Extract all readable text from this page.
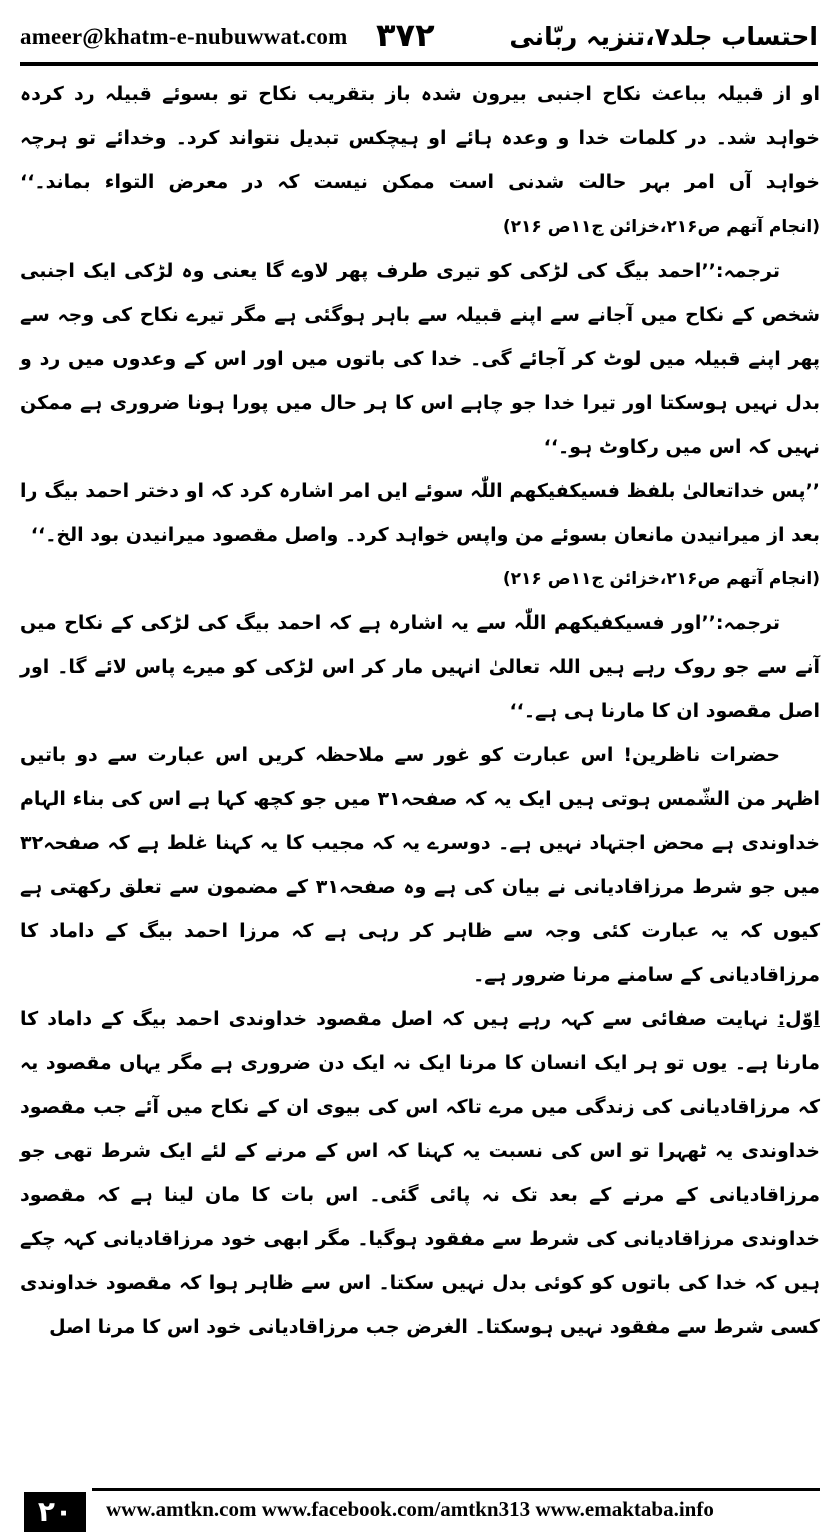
ameer@khatm-e-nubuwwat.com ۳۷۲	احتساب جلد۷،تنزیہ ربّانی

او از قبیلہ بباعث نکاح اجنبی بیرون شدہ باز بتقریب نکاح تو بسوئے قبیلہ رد کردہ خواہد شد۔ در کلمات خدا و وعدہ ہائے او ہیچکس تبدیل نتواند کرد۔ وخدائے تو ہرچہ خواہد آں امر بہر حالت شدنی است ممکن نیست کہ در معرض التواء بماند۔‘‘ (انجام آتھم ص۲۱۶،خزائن ج۱۱ص ۲۱۶)

ترجمہ:’’احمد بیگ کی لڑکی کو تیری طرف پھر لاوے گا یعنی وہ لڑکی ایک اجنبی شخص کے نکاح میں آجانے سے اپنے قبیلہ سے باہر ہوگئی ہے مگر تیرے نکاح کی وجہ سے پھر اپنے قبیلہ میں لوٹ کر آجائے گی۔ خدا کی باتوں میں اور اس کے وعدوں میں رد و بدل نہیں ہوسکتا اور تیرا خدا جو چاہے اس کا ہر حال میں پورا ہونا ضروری ہے ممکن نہیں کہ اس میں رکاوٹ ہو۔‘‘

’’پس خداتعالیٰ بلفظ فسیکفیکھم اللّٰہ سوئے ایں امر اشارہ کرد کہ او دختر احمد بیگ را بعد از میرانیدن مانعان بسوئے من واپس خواہد کرد۔ واصل مقصود میرانیدن بود الخ۔‘‘

(انجام آتھم ص۲۱۶،خزائن ج۱۱ص ۲۱۶)

ترجمہ:’’اور فسیکفیکھم اللّٰہ سے یہ اشارہ ہے کہ احمد بیگ کی لڑکی کے نکاح میں آنے سے جو روک رہے ہیں اللہ تعالیٰ انہیں مار کر اس لڑکی کو میرے پاس لائے گا۔ اور اصل مقصود ان کا مارنا ہی ہے۔‘‘

حضرات ناظرین! اس عبارت کو غور سے ملاحظہ کریں اس عبارت سے دو باتیں اظہر من الشّمس ہوتی ہیں ایک یہ کہ صفحہ۳۱ میں جو کچھ کہا ہے اس کی بناء الہام خداوندی ہے محض اجتہاد نہیں ہے۔ دوسرے یہ کہ مجیب کا یہ کہنا غلط ہے کہ صفحہ۳۲ میں جو شرط مرزاقادیانی نے بیان کی ہے وہ صفحہ۳۱ کے مضمون سے تعلق رکھتی ہے کیوں کہ یہ عبارت کئی وجہ سے ظاہر کر رہی ہے کہ مرزا احمد بیگ کے داماد کا مرزاقادیانی کے سامنے مرنا ضرور ہے۔

اوّل: نہایت صفائی سے کہہ رہے ہیں کہ اصل مقصود خداوندی احمد بیگ کے داماد کا مارنا ہے۔ یوں تو ہر ایک انسان کا مرنا ایک نہ ایک دن ضروری ہے مگر یہاں مقصود یہ کہ مرزاقادیانی کی زندگی میں مرے تاکہ اس کی بیوی ان کے نکاح میں آئے جب مقصود خداوندی یہ ٹھہرا تو اس کی نسبت یہ کہنا کہ اس کے مرنے کے لئے ایک شرط تھی جو مرزاقادیانی کے مرنے کے بعد تک نہ پائی گئی۔ اس بات کا مان لینا ہے کہ مقصود خداوندی مرزاقادیانی کی شرط سے مفقود ہوگیا۔ مگر ابھی خود مرزاقادیانی کہہ چکے ہیں کہ خدا کی باتوں کو کوئی بدل نہیں سکتا۔ اس سے ظاہر ہوا کہ مقصود خداوندی کسی شرط سے مفقود نہیں ہوسکتا۔ الغرض جب مرزاقادیانی خود اس کا مرنا اصل

۲۰	www.amtkn.com www.facebook.com/amtkn313 www.emaktaba.info
